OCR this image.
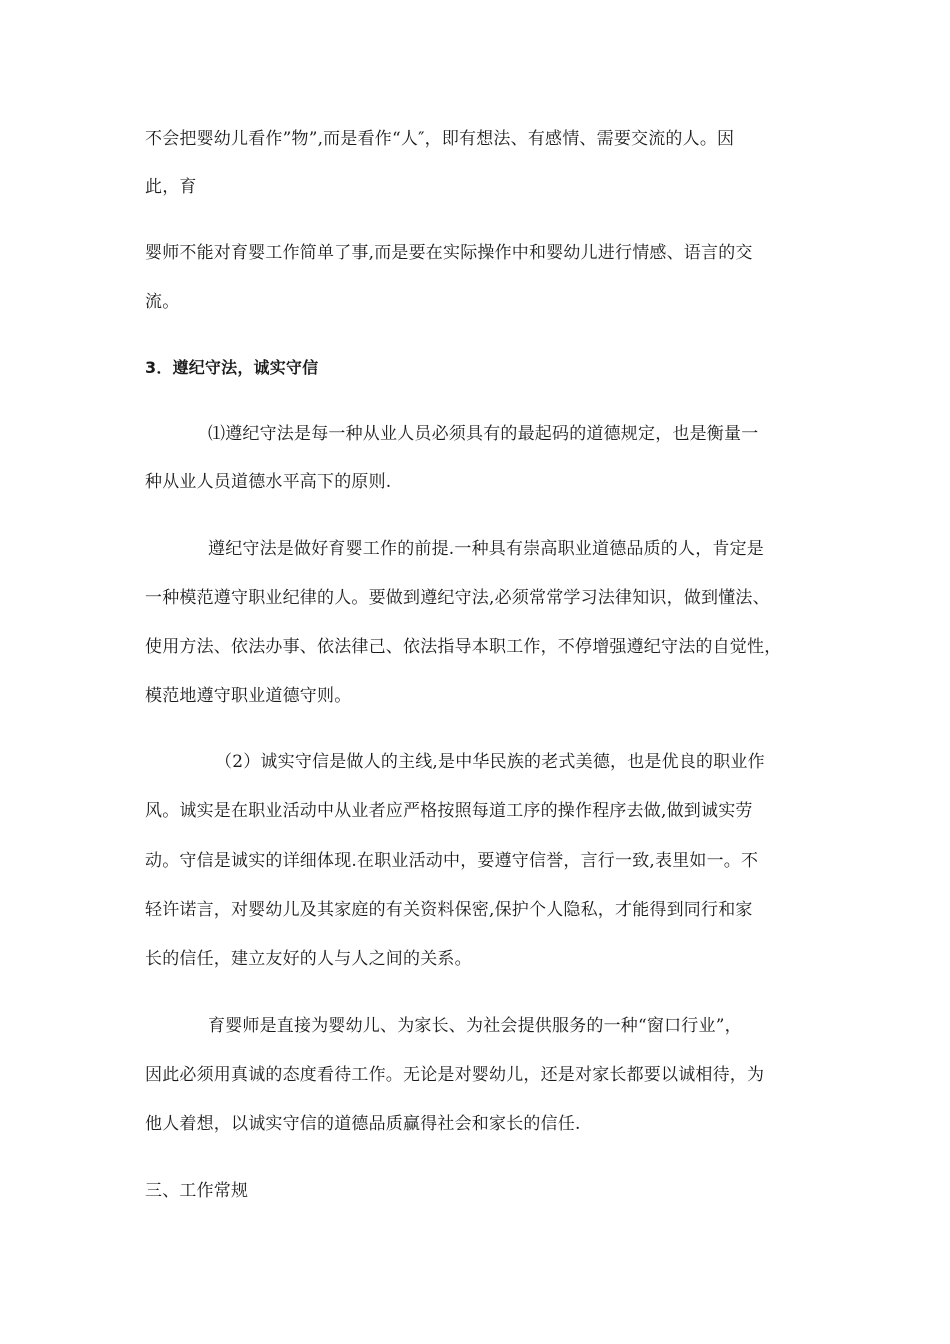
不会把婴幼儿看作”物”,而是看作“人″，即有想法、有感情、需要交流的人。因
此，育
婴师不能对育婴工作简单了事,而是要在实际操作中和婴幼儿进行情感、语言的交
流。
3．遵纪守法，诚实守信
⑴遵纪守法是每一种从业人员必须具有的最起码的道德规定，也是衡量一
种从业人员道德水平高下的原则.
遵纪守法是做好育婴工作的前提.一种具有崇高职业道德品质的人，肯定是
一种模范遵守职业纪律的人。要做到遵纪守法,必须常常学习法律知识，做到懂法、
使用方法、依法办事、依法律己、依法指导本职工作，不停增强遵纪守法的自觉性，
模范地遵守职业道德守则。
（2）诚实守信是做人的主线,是中华民族的老式美德，也是优良的职业作
风。诚实是在职业活动中从业者应严格按照每道工序的操作程序去做,做到诚实劳
动。守信是诚实的详细体现.在职业活动中，要遵守信誉，言行一致,表里如一。不
轻许诺言，对婴幼儿及其家庭的有关资料保密,保护个人隐私，才能得到同行和家
长的信任，建立友好的人与人之间的关系。
育婴师是直接为婴幼儿、为家长、为社会提供服务的一种“窗口行业”，
因此必须用真诚的态度看待工作。无论是对婴幼儿，还是对家长都要以诚相待，为
他人着想，以诚实守信的道德品质赢得社会和家长的信任.
三、工作常规
